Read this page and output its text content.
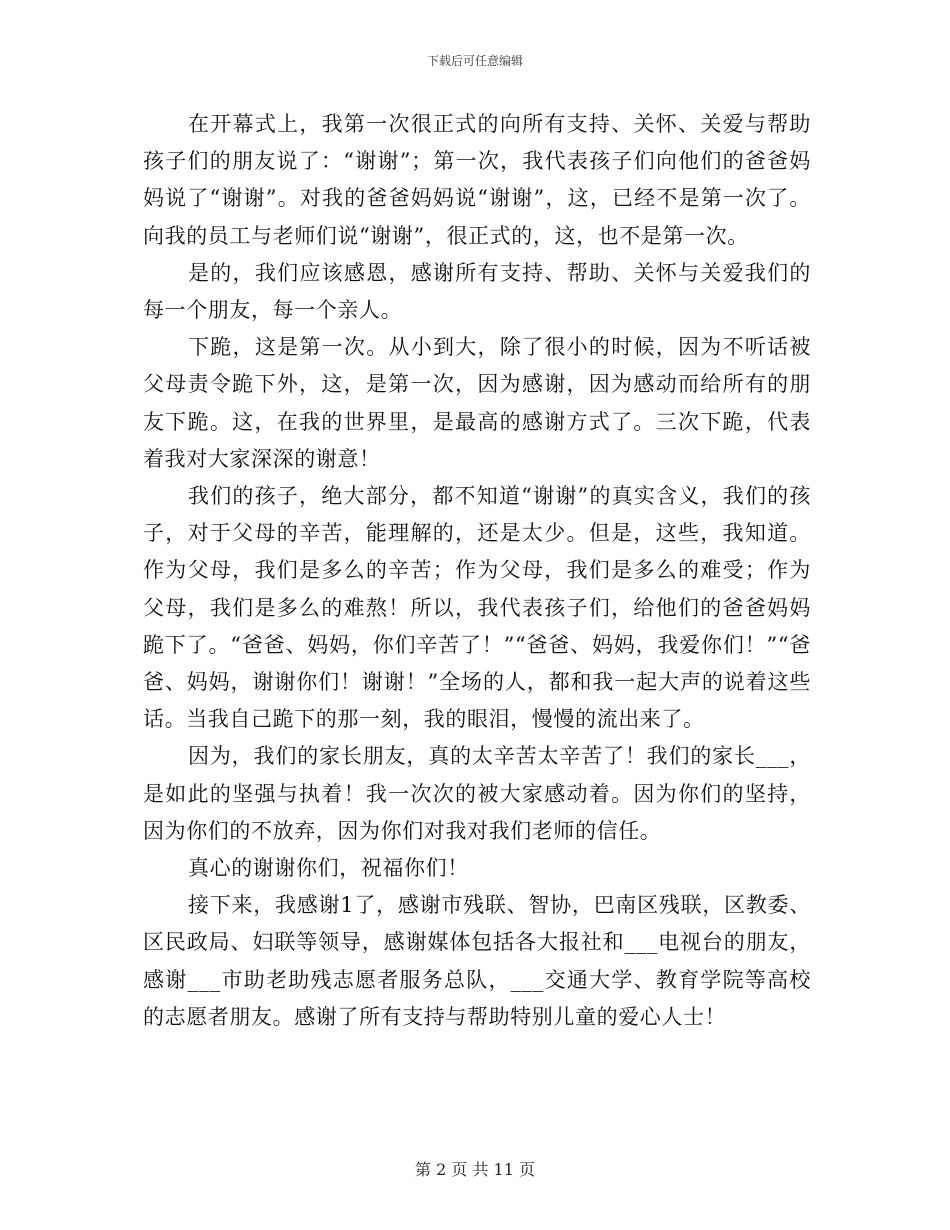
下载后可任意编辑

在开幕式上，我第一次很正式的向所有支持、关怀、关爱与帮助孩子们的朋友说了：“谢谢”；第一次，我代表孩子们向他们的爸爸妈妈说了“谢谢”。对我的爸爸妈妈说“谢谢”，这，已经不是第一次了。向我的员工与老师们说“谢谢”，很正式的，这，也不是第一次。

是的，我们应该感恩，感谢所有支持、帮助、关怀与关爱我们的每一个朋友，每一个亲人。

下跪，这是第一次。从小到大，除了很小的时候，因为不听话被父母责令跪下外，这，是第一次，因为感谢，因为感动而给所有的朋友下跪。这，在我的世界里，是最高的感谢方式了。三次下跪，代表着我对大家深深的谢意！

我们的孩子，绝大部分，都不知道“谢谢”的真实含义，我们的孩子，对于父母的辛苦，能理解的，还是太少。但是，这些，我知道。作为父母，我们是多么的辛苦；作为父母，我们是多么的难受；作为父母，我们是多么的难熬！所以，我代表孩子们，给他们的爸爸妈妈跪下了。“爸爸、妈妈，你们辛苦了！”“爸爸、妈妈，我爱你们！”“爸爸、妈妈，谢谢你们！谢谢！”全场的人，都和我一起大声的说着这些话。当我自己跪下的那一刻，我的眼泪，慢慢的流出来了。

因为，我们的家长朋友，真的太辛苦太辛苦了！我们的家长___，是如此的坚强与执着！我一次次的被大家感动着。因为你们的坚持，因为你们的不放弃，因为你们对我对我们老师的信任。

真心的谢谢你们，祝福你们！

接下来，我感谢1了，感谢市残联、智协，巴南区残联，区教委、区民政局、妇联等领导，感谢媒体包括各大报社和___电视台的朋友，感谢___市助老助残志愿者服务总队，___交通大学、教育学院等高校的志愿者朋友。感谢了所有支持与帮助特别儿童的爱心人士！

第 2 页 共 11 页
